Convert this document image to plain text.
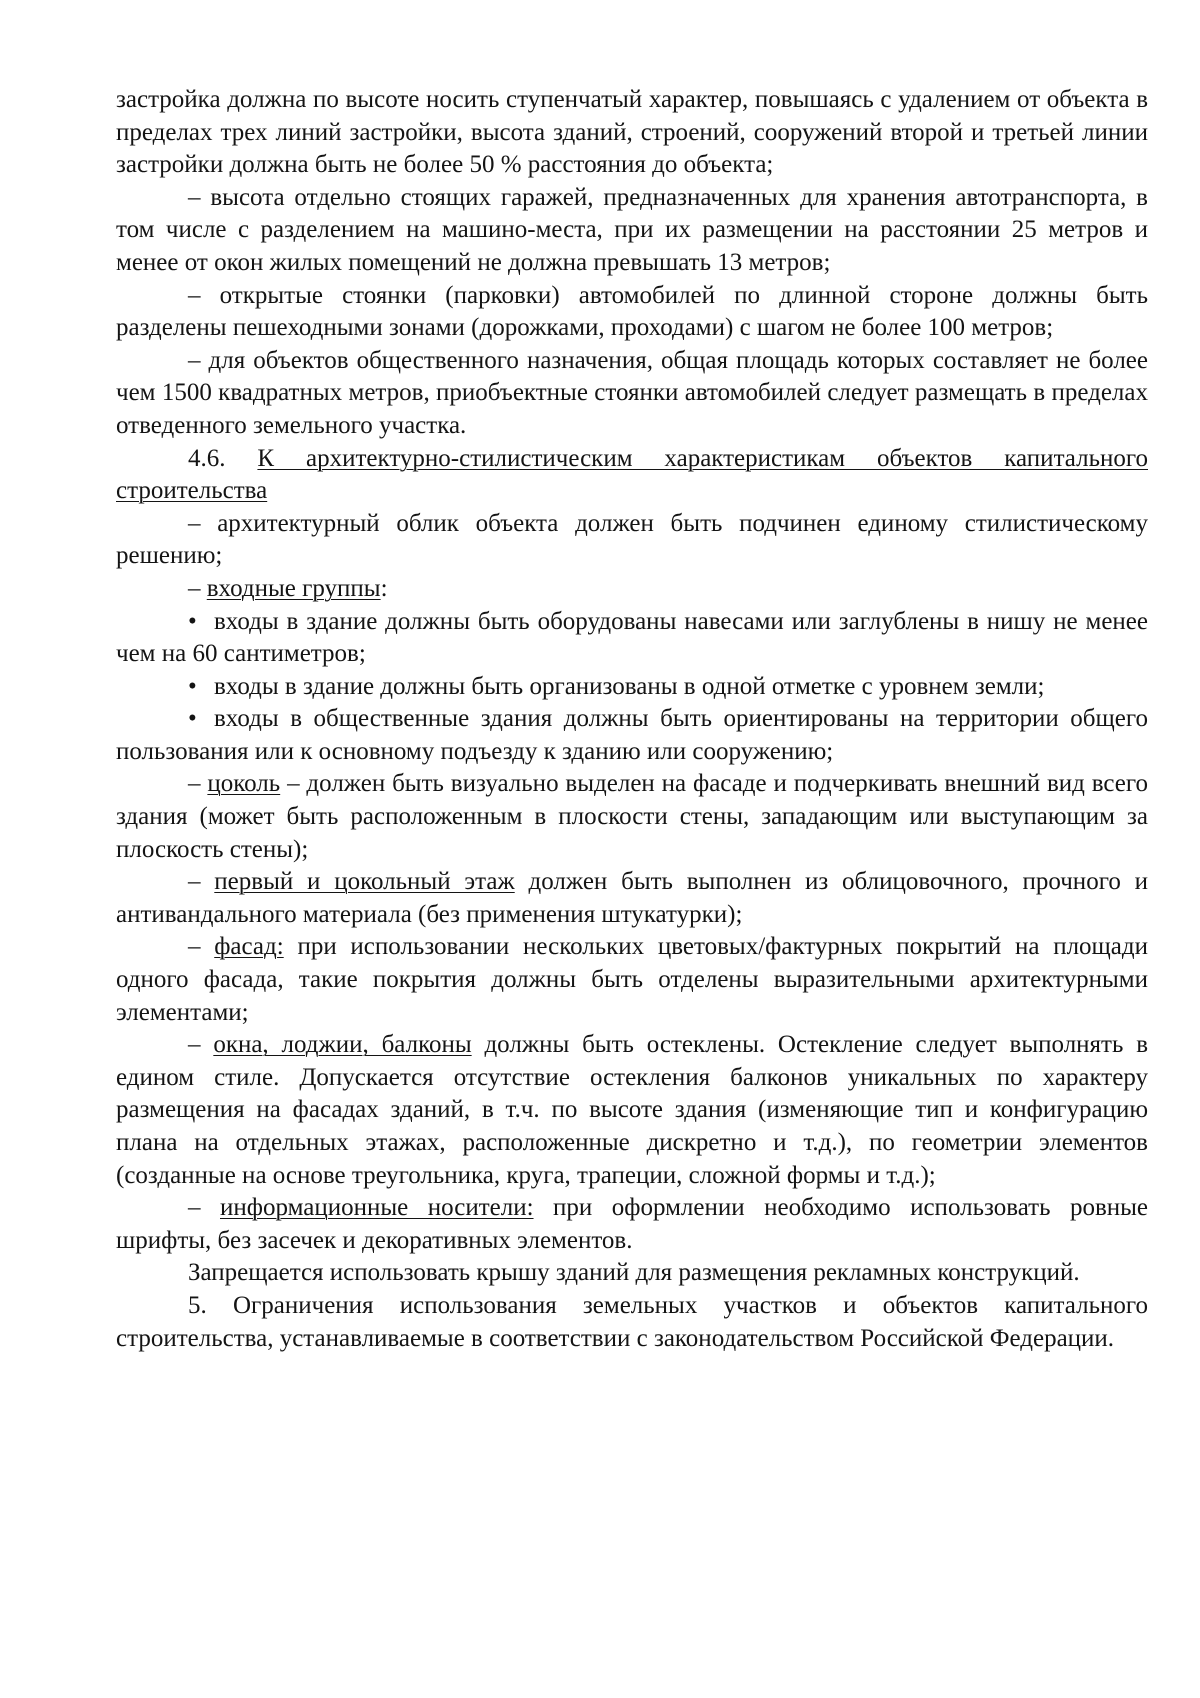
застройка должна по высоте носить ступенчатый характер, повышаясь с удалением от объекта в пределах трех линий застройки, высота зданий, строений, сооружений второй и третьей линии застройки должна быть не более 50 % расстояния до объекта;

– высота отдельно стоящих гаражей, предназначенных для хранения автотранспорта, в том числе с разделением на машино-места, при их размещении на расстоянии 25 метров и менее от окон жилых помещений не должна превышать 13 метров;

– открытые стоянки (парковки) автомобилей по длинной стороне должны быть разделены пешеходными зонами (дорожками, проходами) с шагом не более 100 метров;

– для объектов общественного назначения, общая площадь которых составляет не более чем 1500 квадратных метров, приобъектные стоянки автомобилей следует размещать в пределах отведенного земельного участка.

4.6. К архитектурно-стилистическим характеристикам объектов капитального строительства

– архитектурный облик объекта должен быть подчинен единому стилистическому решению;

– входные группы:

• входы в здание должны быть оборудованы навесами или заглублены в нишу не менее чем на 60 сантиметров;

• входы в здание должны быть организованы в одной отметке с уровнем земли;

• входы в общественные здания должны быть ориентированы на территории общего пользования или к основному подъезду к зданию или сооружению;

– цоколь – должен быть визуально выделен на фасаде и подчеркивать внешний вид всего здания (может быть расположенным в плоскости стены, западающим или выступающим за плоскость стены);

– первый и цокольный этаж должен быть выполнен из облицовочного, прочного и антивандального материала (без применения штукатурки);

– фасад: при использовании нескольких цветовых/фактурных покрытий на площади одного фасада, такие покрытия должны быть отделены выразительными архитектурными элементами;

– окна, лоджии, балконы должны быть остеклены. Остекление следует выполнять в едином стиле. Допускается отсутствие остекления балконов уникальных по характеру размещения на фасадах зданий, в т.ч. по высоте здания (изменяющие тип и конфигурацию плана на отдельных этажах, расположенные дискретно и т.д.), по геометрии элементов (созданные на основе треугольника, круга, трапеции, сложной формы и т.д.);

– информационные носители: при оформлении необходимо использовать ровные шрифты, без засечек и декоративных элементов.

Запрещается использовать крышу зданий для размещения рекламных конструкций.

5. Ограничения использования земельных участков и объектов капитального строительства, устанавливаемые в соответствии с законодательством Российской Федерации.
